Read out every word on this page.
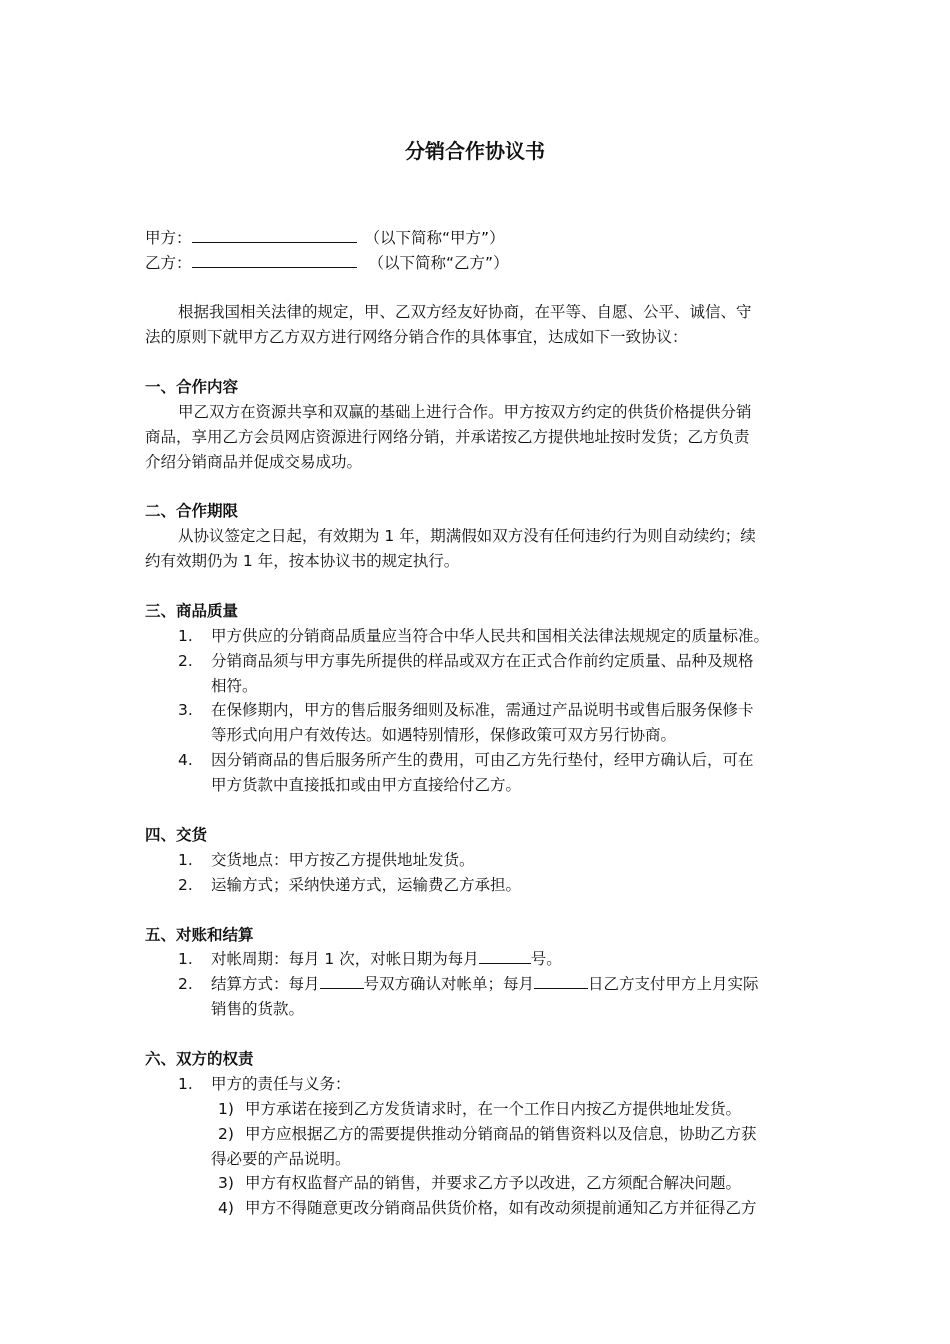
分销合作协议书
甲方：	（以下简称“甲方”）
乙方：	（以下简称“乙方”）
根据我国相关法律的规定，甲、乙双方经友好协商，在平等、自愿、公平、诚信、守
法的原则下就甲方乙方双方进行网络分销合作的具体事宜，达成如下一致协议：
一、合作内容
甲乙双方在资源共享和双赢的基础上进行合作。甲方按双方约定的供货价格提供分销
商品，享用乙方会员网店资源进行网络分销，并承诺按乙方提供地址按时发货；乙方负责
介绍分销商品并促成交易成功。
二、合作期限
从协议签定之日起，有效期为 1 年，期满假如双方没有任何违约行为则自动续约；续
约有效期仍为 1 年，按本协议书的规定执行。
三、商品质量
1. 甲方供应的分销商品质量应当符合中华人民共和国相关法律法规规定的质量标准。
2. 分销商品须与甲方事先所提供的样品或双方在正式合作前约定质量、品种及规格
相符。
3. 在保修期内，甲方的售后服务细则及标准，需通过产品说明书或售后服务保修卡
等形式向用户有效传达。如遇特别情形，保修政策可双方另行协商。
4. 因分销商品的售后服务所产生的费用，可由乙方先行垫付，经甲方确认后，可在
甲方货款中直接抵扣或由甲方直接给付乙方。
四、交货
1. 交货地点：甲方按乙方提供地址发货。
2. 运输方式；采纳快递方式，运输费乙方承担。
五、对账和结算
1. 对帐周期：每月 1 次，对帐日期为每月	号。
2. 结算方式：每月	号双方确认对帐单；每月	日乙方支付甲方上月实际
销售的货款。
六、双方的权责
1. 甲方的责任与义务：
1) 甲方承诺在接到乙方发货请求时，在一个工作日内按乙方提供地址发货。
2) 甲方应根据乙方的需要提供推动分销商品的销售资料以及信息，协助乙方获
得必要的产品说明。
3) 甲方有权监督产品的销售，并要求乙方予以改进，乙方须配合解决问题。
4) 甲方不得随意更改分销商品供货价格，如有改动须提前通知乙方并征得乙方
